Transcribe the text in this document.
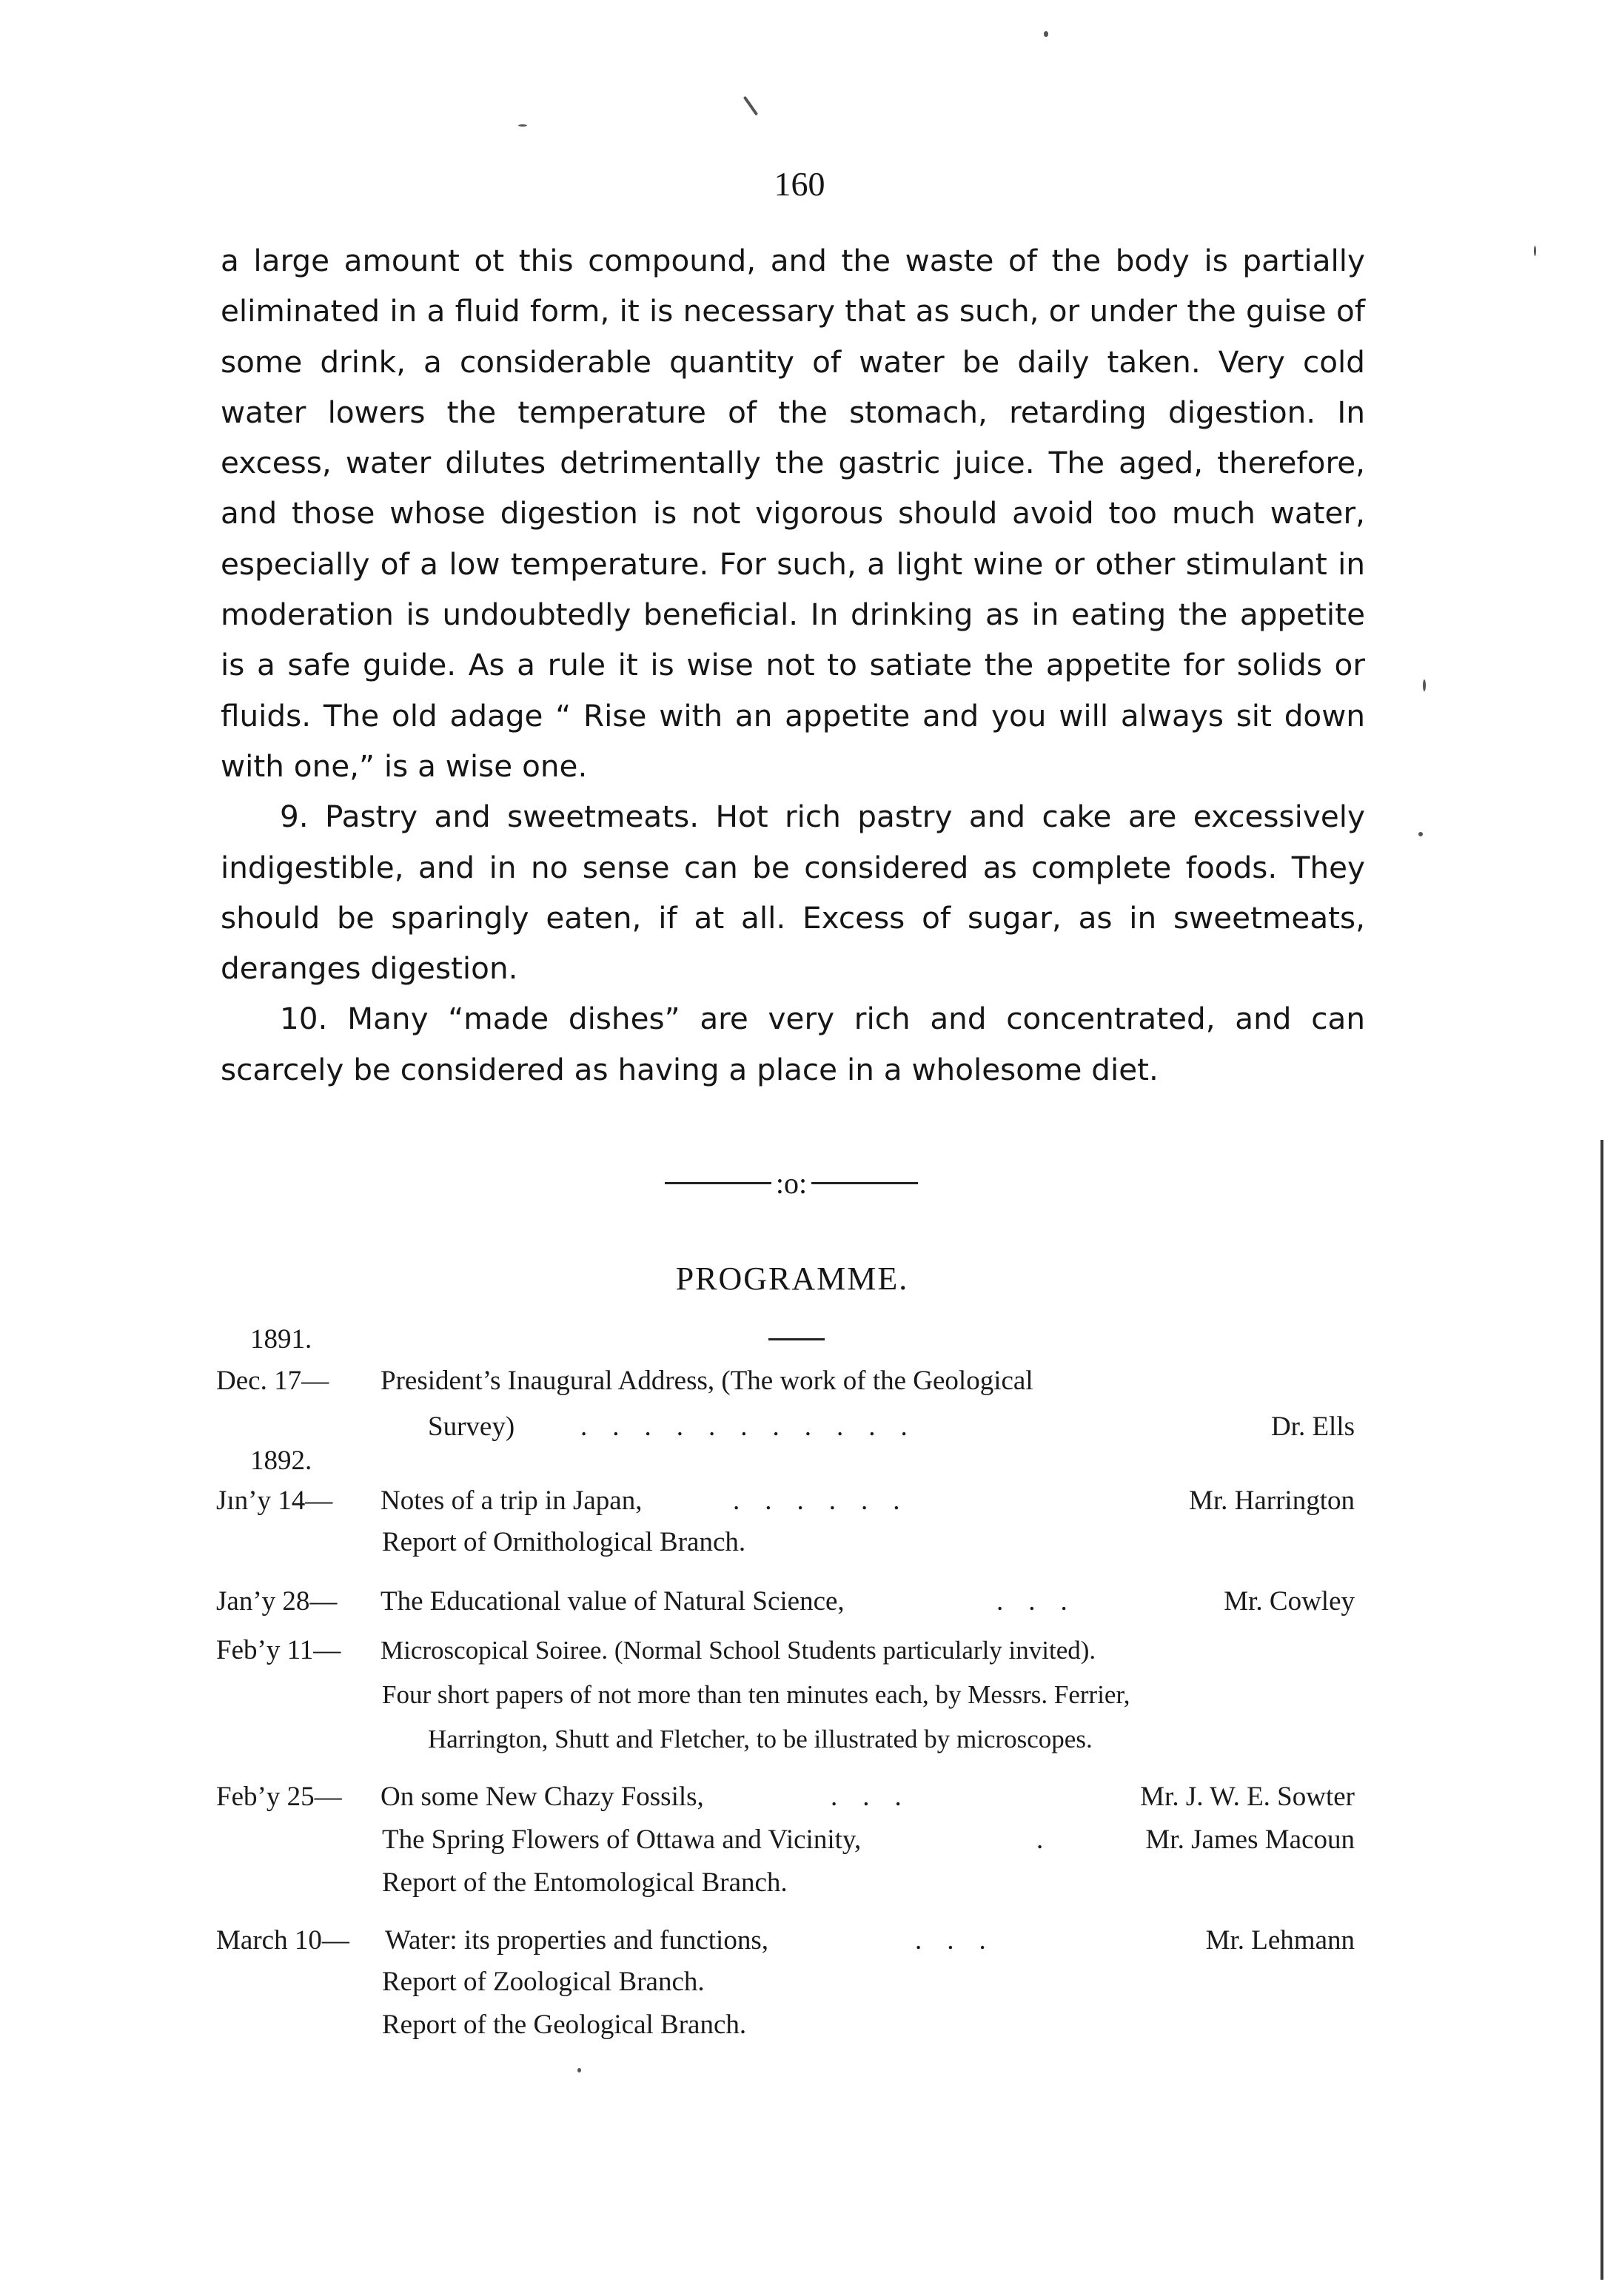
160

a large amount ot this compound, and the waste of the body is partially eliminated in a fluid form, it is necessary that as such, or under the guise of some drink, a considerable quantity of water be daily taken. Very cold water lowers the temperature of the stomach, retarding digestion. In excess, water dilutes detrimentally the gastric juice. The aged, therefore, and those whose digestion is not vigorous should avoid too much water, especially of a low temperature. For such, a light wine or other stimulant in moderation is undoubtedly beneficial. In drinking as in eating the appetite is a safe guide. As a rule it is wise not to satiate the appetite for solids or fluids. The old adage “ Rise with an appetite and you will always sit down with one,” is a wise one.

9. Pastry and sweetmeats. Hot rich pastry and cake are excessively indigestible, and in no sense can be considered as complete foods. They should be sparingly eaten, if at all. Excess of sugar, as in sweetmeats, deranges digestion.

10. Many “made dishes” are very rich and concentrated, and can scarcely be considered as having a place in a wholesome diet.

:o:
PROGRAMME.
1891.
Dec. 17— President’s Inaugural Address, (The work of the Geological
Survey) ...........	Dr. Ells
1892.
Jın’y 14— Notes of a trip in Japan,	......	Mr. Harrington
Report of Ornithological Branch.
Jan’y 28— The Educational value of Natural Science,	...	Mr. Cowley
Feb’y 11— Microscopical Soiree. (Normal School Students particularly invited).
Four short papers of not more than ten minutes each, by Messrs. Ferrier,
Harrington, Shutt and Fletcher, to be illustrated by microscopes.
Feb’y 25— On some New Chazy Fossils,	...	Mr. J. W. E. Sowter
The Spring Flowers of Ottawa and Vicinity,	.	Mr. James Macoun
Report of the Entomological Branch.
March 10— Water: its properties and functions,	...	Mr. Lehmann
Report of Zoological Branch.
Report of the Geological Branch.
